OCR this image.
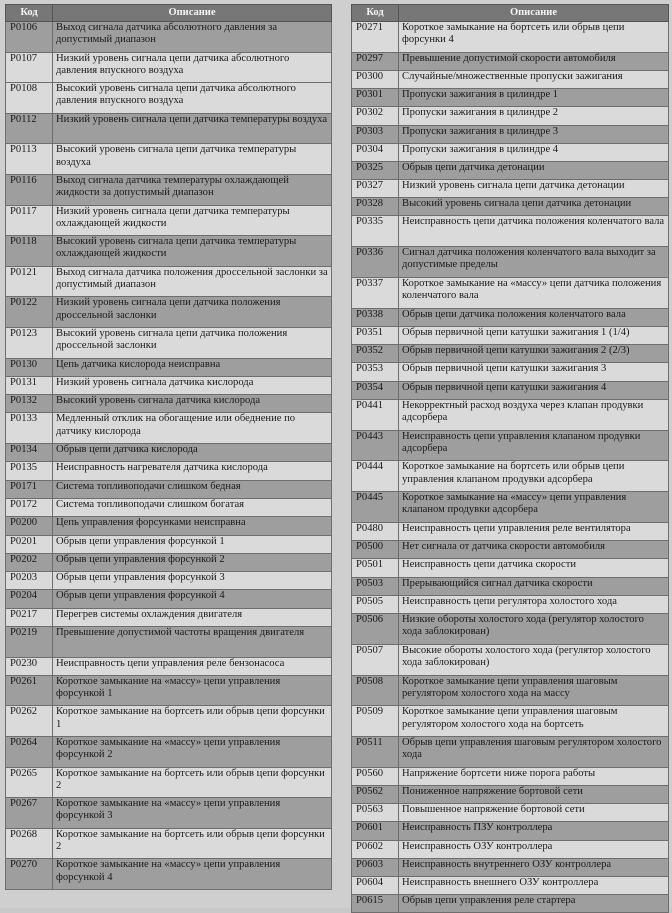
Код	Описание
P0106	Выход сигнала датчика абсолютного давления за допустимый диапазон
P0107	Низкий уровень сигнала цепи датчика абсолютного давления впускного воздуха
P0108	Высокий уровень сигнала цепи датчика абсолютного давления впускного воздуха
P0112	Низкий уровень сигнала цепи датчика температуры воздуха
P0113	Высокий уровень сигнала цепи датчика температуры воздуха
P0116	Выход сигнала датчика температуры охлаждающей жидкости за допустимый диапазон
P0117	Низкий уровень сигнала цепи датчика температуры охлаждающей жидкости
P0118	Высокий уровень сигнала цепи датчика температуры охлаждающей жидкости
P0121	Выход сигнала датчика положения дроссельной заслонки за допустимый диапазон
P0122	Низкий уровень сигнала цепи датчика положения дроссельной заслонки
P0123	Высокий уровень сигнала цепи датчика положения дроссельной заслонки
P0130	Цепь датчика кислорода неисправна
P0131	Низкий уровень сигнала датчика кислорода
P0132	Высокий уровень сигнала датчика кислорода
P0133	Медленный отклик на обогащение или обеднение по датчику кислорода
P0134	Обрыв цепи датчика кислорода
P0135	Неисправность нагревателя датчика кислорода
P0171	Система топливоподачи слишком бедная
P0172	Система топливоподачи слишком богатая
P0200	Цепь управления форсунками неисправна
P0201	Обрыв цепи управления форсункой 1
P0202	Обрыв цепи управления форсункой 2
P0203	Обрыв цепи управления форсункой 3
P0204	Обрыв цепи управления форсункой 4
P0217	Перегрев системы охлаждения двигателя
P0219	Превышение допустимой частоты вращения двигателя
P0230	Неисправность цепи управления реле бензонасоса
P0261	Короткое замыкание на «массу» цепи управления форсункой 1
P0262	Короткое замыкание на бортсеть или обрыв цепи форсунки 1
P0264	Короткое замыкание на «массу» цепи управления форсункой 2
P0265	Короткое замыкание на бортсеть или обрыв цепи форсунки 2
P0267	Короткое замыкание на «массу» цепи управления форсункой 3
P0268	Короткое замыкание на бортсеть или обрыв цепи форсунки 2
P0270	Короткое замыкание на «массу» цепи управления форсункой 4
Код	Описание
P0271	Короткое замыкание на бортсеть или обрыв цепи форсунки 4
P0297	Превышение допустимой скорости автомобиля
P0300	Случайные/множественные пропуски зажигания
P0301	Пропуски зажигания в цилиндре 1
P0302	Пропуски зажигания в цилиндре 2
P0303	Пропуски зажигания в цилиндре 3
P0304	Пропуски зажигания в цилиндре 4
P0325	Обрыв цепи датчика детонации
P0327	Низкий уровень сигнала цепи датчика детонации
P0328	Высокий уровень сигнала цепи датчика детонации
P0335	Неисправность цепи датчика положения коленчатого вала
P0336	Сигнал датчика положения коленчатого вала выходит за допустимые пределы
P0337	Короткое замыкание на «массу» цепи датчика положения коленчатого вала
P0338	Обрыв цепи датчика положения коленчатого вала
P0351	Обрыв первичной цепи катушки зажигания 1 (1/4)
P0352	Обрыв первичной цепи катушки зажигания 2 (2/3)
P0353	Обрыв первичной цепи катушки зажигания 3
P0354	Обрыв первичной цепи катушки зажигания 4
P0441	Некорректный расход воздуха через клапан продувки адсорбера
P0443	Неисправность цепи управления клапаном продувки адсорбера
P0444	Короткое замыкание на бортсеть или обрыв цепи управления клапаном продувки адсорбера
P0445	Короткое замыкание на «массу» цепи управления клапаном продувки адсорбера
P0480	Неисправность цепи управления реле вентилятора
P0500	Нет сигнала от датчика скорости автомобиля
P0501	Неисправность цепи датчика скорости
P0503	Прерывающийся сигнал датчика скорости
P0505	Неисправность цепи регулятора холостого хода
P0506	Низкие обороты холостого хода (регулятор холостого хода заблокирован)
P0507	Высокие обороты холостого хода (регулятор холостого хода заблокирован)
P0508	Короткое замыкание цепи управления шаговым регулятором холостого хода на массу
P0509	Короткое замыкание цепи управления шаговым регулятором холостого хода на бортсеть
P0511	Обрыв цепи управления шаговым регулятором холостого хода
P0560	Напряжение бортсети ниже порога работы
P0562	Пониженное напряжение бортовой сети
P0563	Повышенное напряжение бортовой сети
P0601	Неисправность ПЗУ контроллера
P0602	Неисправность ОЗУ контроллера
P0603	Неисправность внутреннего ОЗУ контроллера
P0604	Неисправность внешнего ОЗУ контроллера
P0615	Обрыв цепи управления реле стартера
